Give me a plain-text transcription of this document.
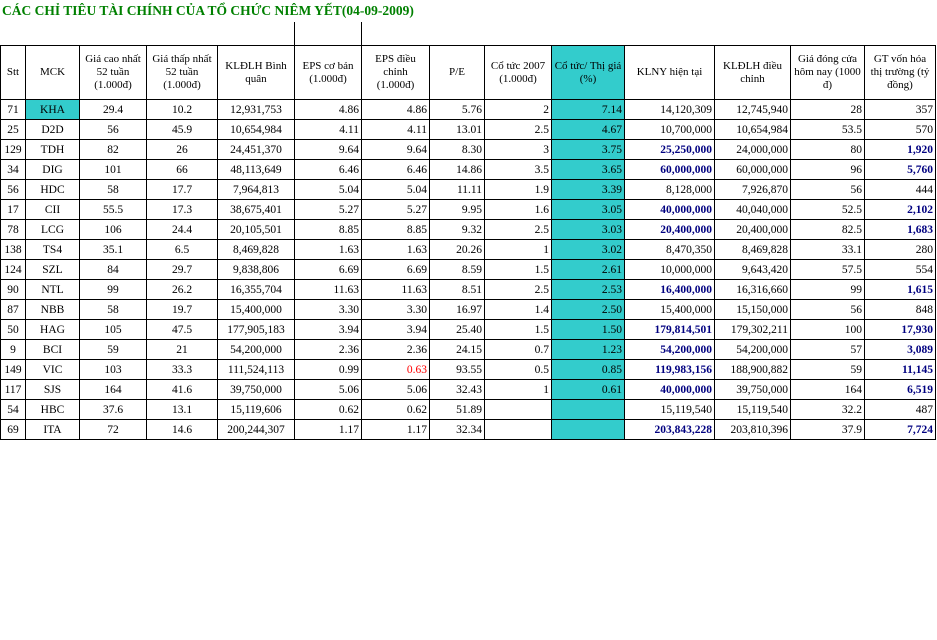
CÁC CHỈ TIÊU TÀI CHÍNH CỦA TỔ CHỨC NIÊM YẾT(04-09-2009)
Stt	MCK	Giá cao nhất 52 tuần (1.000đ)	Giá thấp nhất 52 tuần (1.000đ)	KLĐLH Bình quân	EPS cơ bản (1.000đ)	EPS điều chỉnh (1.000đ)	P/E	Cổ tức 2007 (1.000đ)	Cổ tức/ Thị giá (%)	KLNY hiện tại	KLĐLH điều chỉnh	Giá đóng cửa hôm nay (1000 đ)	GT vốn hóa thị trường (tỷ đồng)
71	KHA	29.4	10.2	12,931,753	4.86	4.86	5.76	2	7.14	14,120,309	12,745,940	28	357
25	D2D	56	45.9	10,654,984	4.11	4.11	13.01	2.5	4.67	10,700,000	10,654,984	53.5	570
129	TDH	82	26	24,451,370	9.64	9.64	8.30	3	3.75	25,250,000	24,000,000	80	1,920
34	DIG	101	66	48,113,649	6.46	6.46	14.86	3.5	3.65	60,000,000	60,000,000	96	5,760
56	HDC	58	17.7	7,964,813	5.04	5.04	11.11	1.9	3.39	8,128,000	7,926,870	56	444
17	CII	55.5	17.3	38,675,401	5.27	5.27	9.95	1.6	3.05	40,000,000	40,040,000	52.5	2,102
78	LCG	106	24.4	20,105,501	8.85	8.85	9.32	2.5	3.03	20,400,000	20,400,000	82.5	1,683
138	TS4	35.1	6.5	8,469,828	1.63	1.63	20.26	1	3.02	8,470,350	8,469,828	33.1	280
124	SZL	84	29.7	9,838,806	6.69	6.69	8.59	1.5	2.61	10,000,000	9,643,420	57.5	554
90	NTL	99	26.2	16,355,704	11.63	11.63	8.51	2.5	2.53	16,400,000	16,316,660	99	1,615
87	NBB	58	19.7	15,400,000	3.30	3.30	16.97	1.4	2.50	15,400,000	15,150,000	56	848
50	HAG	105	47.5	177,905,183	3.94	3.94	25.40	1.5	1.50	179,814,501	179,302,211	100	17,930
9	BCI	59	21	54,200,000	2.36	2.36	24.15	0.7	1.23	54,200,000	54,200,000	57	3,089
149	VIC	103	33.3	111,524,113	0.99	0.63	93.55	0.5	0.85	119,983,156	188,900,882	59	11,145
117	SJS	164	41.6	39,750,000	5.06	5.06	32.43	1	0.61	40,000,000	39,750,000	164	6,519
54	HBC	37.6	13.1	15,119,606	0.62	0.62	51.89			15,119,540	15,119,540	32.2	487
69	ITA	72	14.6	200,244,307	1.17	1.17	32.34			203,843,228	203,810,396	37.9	7,724
